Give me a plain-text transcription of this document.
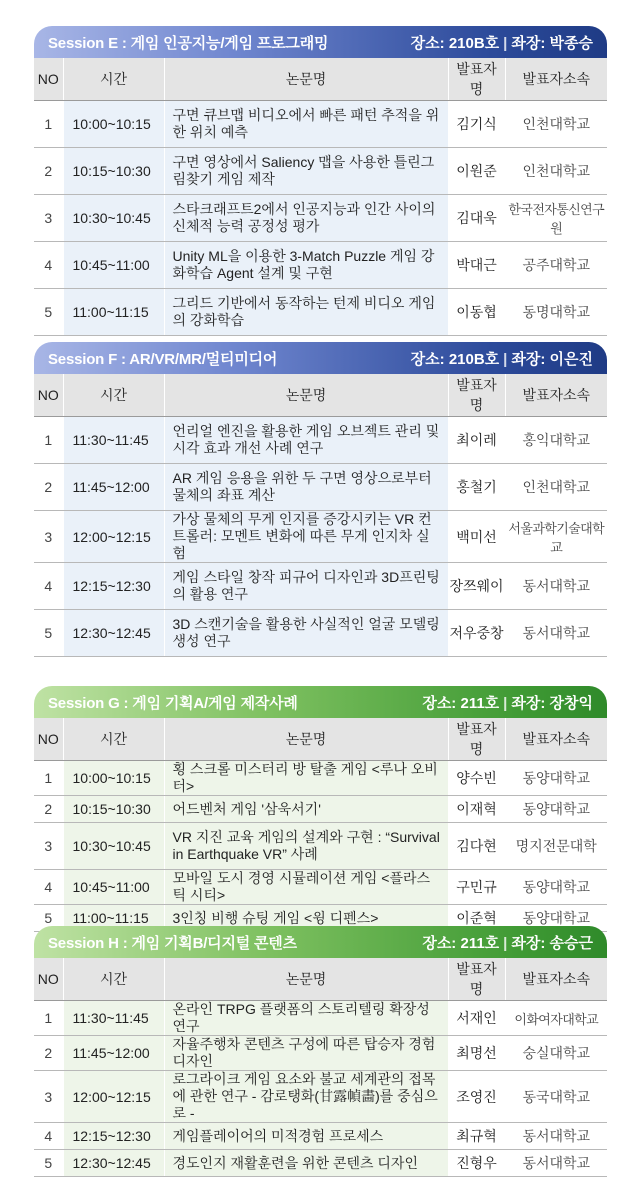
Session E : 게임 인공지능/게임 프로그래밍	장소: 210B호 | 좌장: 박종승
NO	시간	논문명	발표자명	발표자소속
1	10:00~10:15	구면 큐브맵 비디오에서 빠른 패턴 추적을 위한 위치 예측	김기식	인천대학교
2	10:15~10:30	구면 영상에서 Saliency 맵을 사용한 틀린그림찾기 게임 제작	이원준	인천대학교
3	10:30~10:45	스타크래프트2에서 인공지능과 인간 사이의 신체적 능력 공정성 평가	김대욱	한국전자통신연구원
4	10:45~11:00	Unity ML을 이용한 3-Match Puzzle 게임 강화학습 Agent 설계 및 구현	박대근	공주대학교
5	11:00~11:15	그리드 기반에서 동작하는 턴제 비디오 게임의 강화학습	이동협	동명대학교
Session F : AR/VR/MR/멀티미디어	장소: 210B호 | 좌장: 이은진
NO	시간	논문명	발표자명	발표자소속
1	11:30~11:45	언리얼 엔진을 활용한 게임 오브젝트 관리 및 시각 효과 개선 사례 연구	최이레	홍익대학교
2	11:45~12:00	AR 게임 응용을 위한 두 구면 영상으로부터 물체의 좌표 계산	홍철기	인천대학교
3	12:00~12:15	가상 물체의 무게 인지를 증강시키는 VR 컨트롤러: 모멘트 변화에 따른 무게 인지차 실험	백미선	서울과학기술대학교
4	12:15~12:30	게임 스타일 창작 피규어 디자인과 3D프린팅의 활용 연구	장쯔웨이	동서대학교
5	12:30~12:45	3D 스캔기술을 활용한 사실적인 얼굴 모델링 생성 연구	저우중창	동서대학교
Session G : 게임 기획A/게임 제작사례	장소: 211호 | 좌장: 장창익
NO	시간	논문명	발표자명	발표자소속
1	10:00~10:15	횡 스크롤 미스터리 방 탈출 게임 <루나 오비터>	양수빈	동양대학교
2	10:15~10:30	어드벤처 게임 '삼욱서기'	이재혁	동양대학교
3	10:30~10:45	VR 지진 교육 게임의 설계와 구현 : “Survival in Earthquake VR” 사례	김다현	명지전문대학
4	10:45~11:00	모바일 도시 경영 시뮬레이션 게임 <플라스틱 시티>	구민규	동양대학교
5	11:00~11:15	3인칭 비행 슈팅 게임 <윙 디펜스>	이준혁	동양대학교
Session H : 게임 기획B/디지털 콘텐츠	장소: 211호 | 좌장: 송승근
NO	시간	논문명	발표자명	발표자소속
1	11:30~11:45	온라인 TRPG 플랫폼의 스토리텔링 확장성 연구	서재인	이화여자대학교
2	11:45~12:00	자율주행차 콘텐츠 구성에 따른 탑승자 경험 디자인	최명선	숭실대학교
3	12:00~12:15	로그라이크 게임 요소와 불교 세계관의 접목에 관한 연구 - 감로탱화(甘露幀畵)를 중심으로 -	조영진	동국대학교
4	12:15~12:30	게임플레이어의 미적경험 프로세스	최규혁	동서대학교
5	12:30~12:45	경도인지 재활훈련을 위한 콘텐츠 디자인	진형우	동서대학교
